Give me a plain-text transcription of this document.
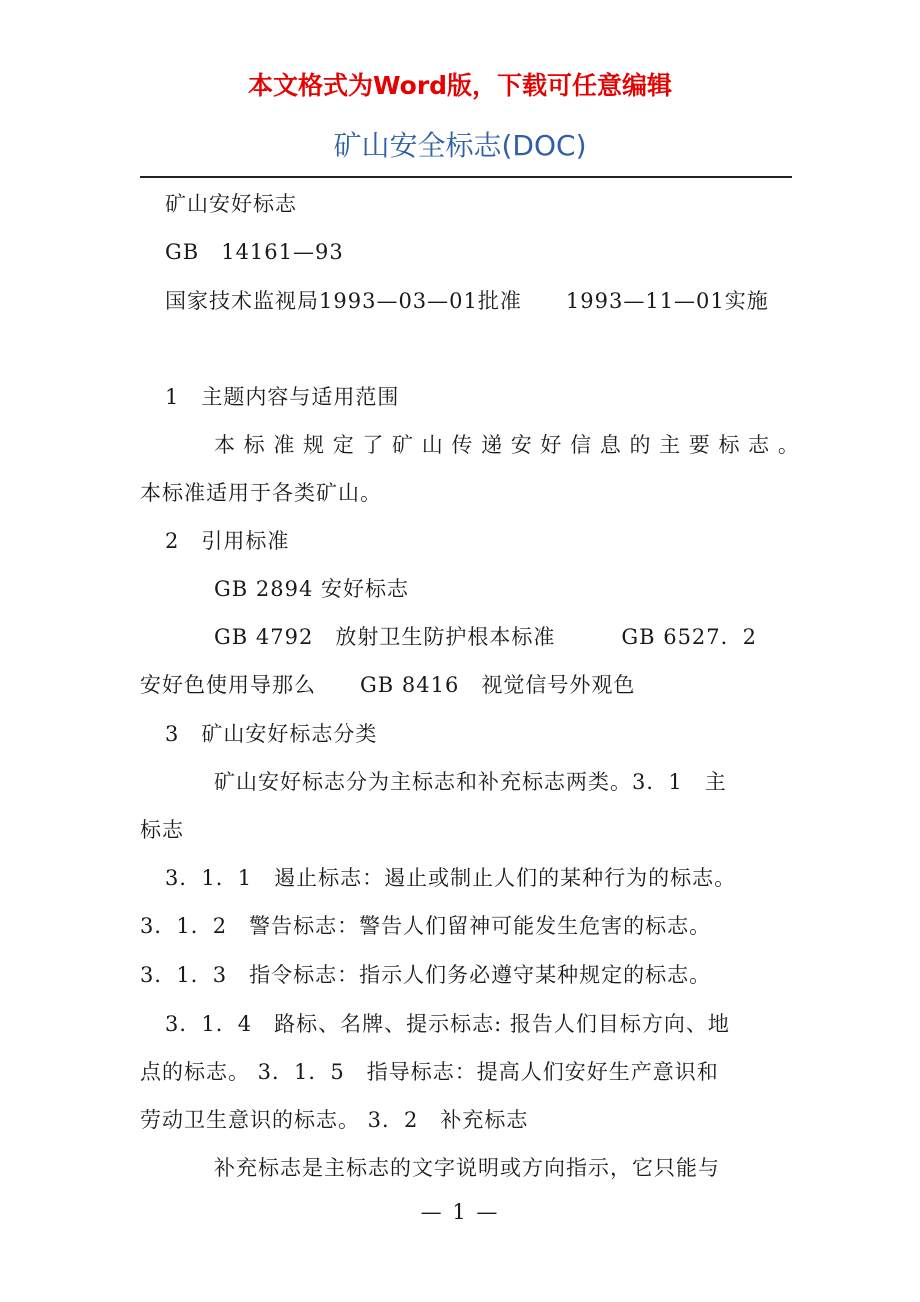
本文格式为Word版，下载可任意编辑
矿山安全标志(DOC)
矿山安好标志
GB　14161—93
国家技术监视局1993—03—01批准　　1993—11—01实施
1　主题内容与适用范围
本 标 准 规 定 了 矿 山 传 递 安 好 信 息 的 主 要 标 志 。
本标准适用于各类矿山。
2　引用标准
GB 2894 安好标志
GB 4792　放射卫生防护根本标准　　　GB 6527．2
安好色使用导那么　　GB 8416　视觉信号外观色
3　矿山安好标志分类
矿山安好标志分为主标志和补充标志两类。3．1　主
标志
3．1．1　遏止标志：遏止或制止人们的某种行为的标志。
3．1．2　警告标志：警告人们留神可能发生危害的标志。
3．1．3　指令标志：指示人们务必遵守某种规定的标志。
3．1．4　路标、名牌、提示标志: 报告人们目标方向、地
点的标志。 3．1．5　指导标志：提高人们安好生产意识和
劳动卫生意识的标志。 3．2　补充标志
补充标志是主标志的文字说明或方向指示，它只能与
— 1 —
